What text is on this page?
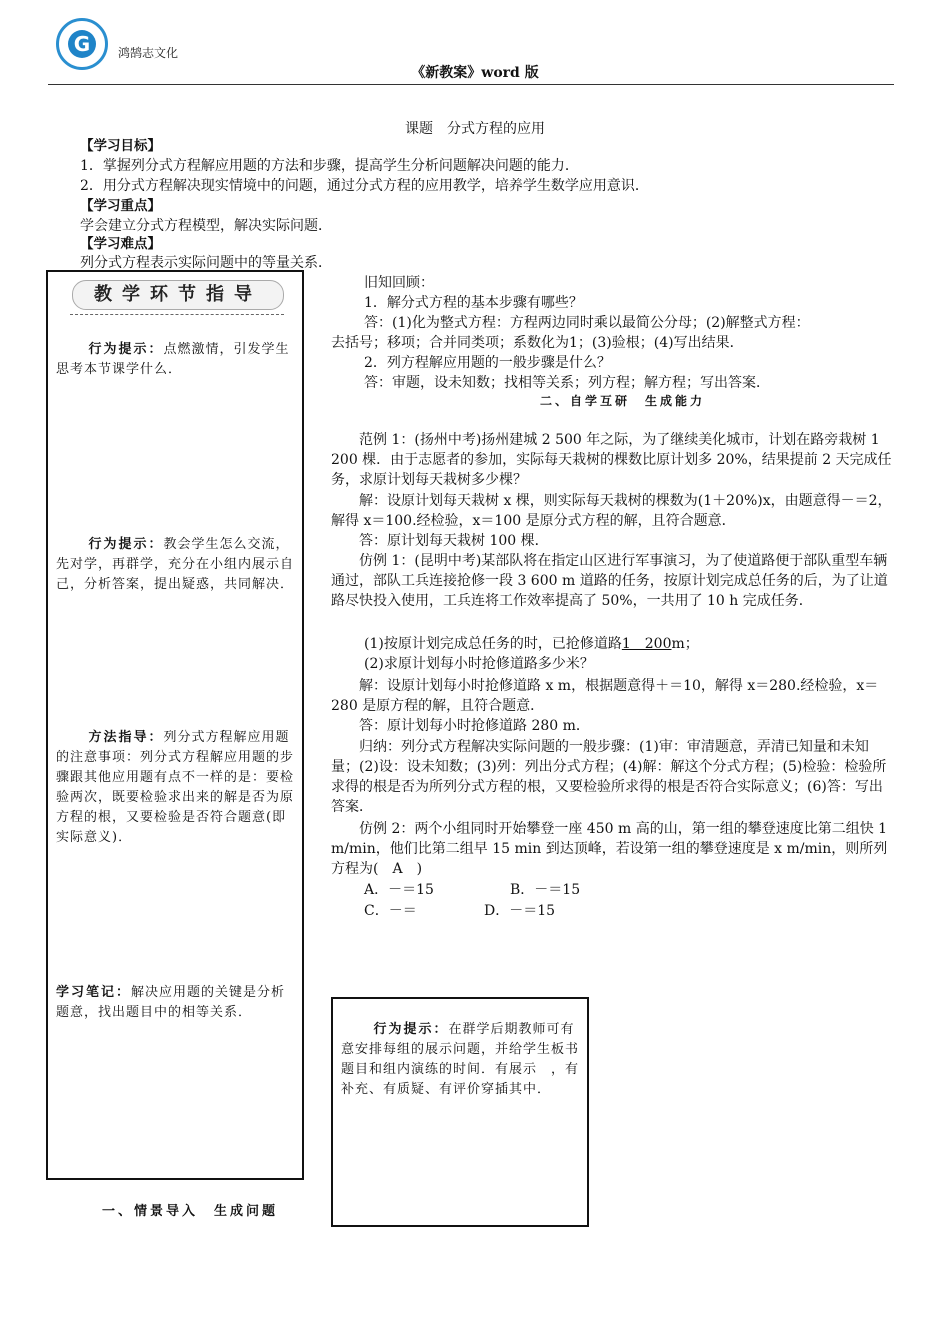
G	鸿鹄志文化
《新教案》word 版
课题　分式方程的应用
【学习目标】
1．掌握列分式方程解应用题的方法和步骤，提高学生分析问题解决问题的能力．
2．用分式方程解决现实情境中的问题，通过分式方程的应用教学，培养学生数学应用意识．
【学习重点】
学会建立分式方程模型，解决实际问题．
【学习难点】
列分式方程表示实际问题中的等量关系．
教学环节指导
行为提示：点燃激情，引发学生思考本节课学什么．
行为提示：教会学生怎么交流，先对学，再群学，充分在小组内展示自己，分析答案，提出疑惑，共同解决．
方法指导：列分式方程解应用题的注意事项：列分式方程解应用题的步骤跟其他应用题有点不一样的是：要检验两次，既要检验求出来的解是否为原方程的根，又要检验是否符合题意(即实际意义)．
学习笔记：解决应用题的关键是分析题意，找出题目中的相等关系．
一、情景导入　生成问题
旧知回顾：
1．解分式方程的基本步骤有哪些？
答：(1)化为整式方程：方程两边同时乘以最简公分母；(2)解整式方程：
去括号；移项；合并同类项；系数化为1；(3)验根；(4)写出结果．
2．列方程解应用题的一般步骤是什么？
答：审题，设未知数；找相等关系；列方程；解方程；写出答案．
二、自学互研　生成能力
范例 1：(扬州中考)扬州建城 2 500 年之际，为了继续美化城市，计划在路旁栽树 1 200 棵．由于志愿者的参加，实际每天栽树的棵数比原计划多 20%，结果提前 2 天完成任务，求原计划每天栽树多少棵？
解：设原计划每天栽树 x 棵，则实际每天栽树的棵数为(1＋20%)x，由题意得－＝2，解得 x＝100.经检验，x＝100 是原分式方程的解，且符合题意．
答：原计划每天栽树 100 棵．
仿例 1：(昆明中考)某部队将在指定山区进行军事演习，为了使道路便于部队重型车辆通过，部队工兵连接抢修一段 3 600 m 道路的任务，按原计划完成总任务的后，为了让道路尽快投入使用，工兵连将工作效率提高了 50%，一共用了 10 h 完成任务．
(1)按原计划完成总任务的时，已抢修道路1　200m；
(2)求原计划每小时抢修道路多少米？
解：设原计划每小时抢修道路 x m，根据题意得＋＝10，解得 x＝280.经检验，x＝280 是原方程的解，且符合题意．
答：原计划每小时抢修道路 280 m．
归纳：列分式方程解决实际问题的一般步骤：(1)审：审清题意，弄清已知量和未知量；(2)设：设未知数；(3)列：列出分式方程；(4)解：解这个分式方程；(5)检验：检验所求得的根是否为所列分式方程的根，又要检验所求得的根是否符合实际意义；(6)答：写出答案．
仿例 2：两个小组同时开始攀登一座 450 m 高的山，第一组的攀登速度比第二组快 1 m/min，他们比第二组早 15 min 到达顶峰，若设第一组的攀登速度是 x m/min，则所列方程为(　A　)
A．－＝15	B．－＝15
C．－＝	D．－＝15
行为提示：在群学后期教师可有意安排每组的展示问题，并给学生板书题目和组内演练的时间．有展示　，有补充、有质疑、有评价穿插其中．
